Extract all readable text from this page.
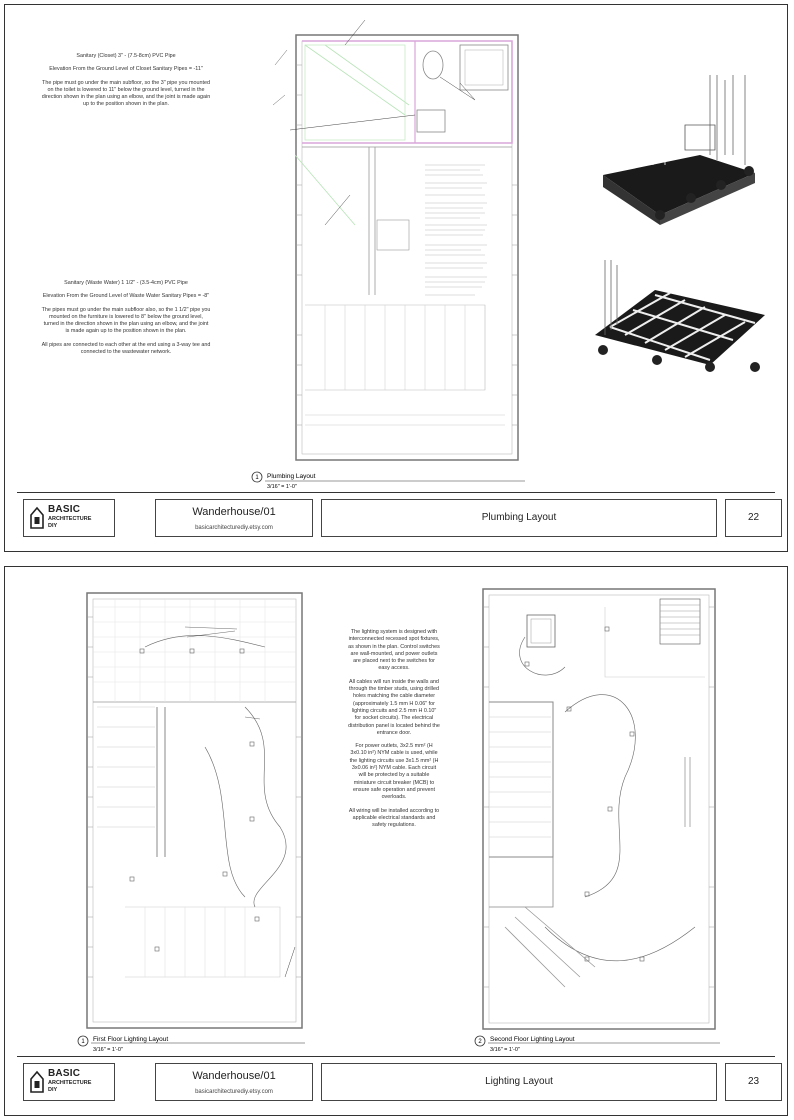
Sanitary (Closet) 3" - (7.5-8cm) PVC Pipe

Elevation From the Ground Level of Closet Sanitary Pipes = -11"

The pipe must go under the main subfloor, so the 3" pipe you mounted on the toilet is lowered to 11" below the ground level, turned in the direction shown in the plan using an elbow, and the joint is made again up to the position shown in the plan.

Sanitary (Waste Water) 1 1/2" - (3.5-4cm) PVC Pipe

Elevation From the Ground Level of Waste Water Sanitary Pipes = -8"

The pipes must go under the main subfloor also, so the 1 1/2" pipe you mounted on the furniture is lowered to 8" below the ground level, turned in the direction shown in the plan using an elbow, and the joint is made again up to the position shown in the plan.

All pipes are connected to each other at the end using a 3-way tee and connected to the wastewater network.

1 Plumbing Layout
3/16" = 1'-0"
BASIC
ARCHITECTURE
DIY
Wanderhouse/01
basicarchitecturediy.etsy.com
Plumbing Layout	22
1 First Floor Lighting Layout
3/16" = 1'-0"
2 Second Floor Lighting Layout
3/16" = 1'-0"

The lighting system is designed with interconnected recessed spot fixtures, as shown in the plan. Control switches are wall-mounted, and power outlets are placed next to the switches for easy access.

All cables will run inside the walls and through the timber studs, using drilled holes matching the cable diameter (approximately 1.5 mm H 0.06" for lighting circuits and 2.5 mm H 0.10" for socket circuits). The electrical distribution panel is located behind the entrance door.

For power outlets, 3x2.5 mm² (H 3x0.10 in²) NYM cable is used, while the lighting circuits use 3x1.5 mm² (H 3x0.06 in²) NYM cable. Each circuit will be protected by a suitable miniature circuit breaker (MCB) to ensure safe operation and prevent overloads.

All wiring will be installed according to applicable electrical standards and safety regulations.

BASIC
ARCHITECTURE
DIY
Wanderhouse/01
basicarchitecturediy.etsy.com
Lighting Layout	23
